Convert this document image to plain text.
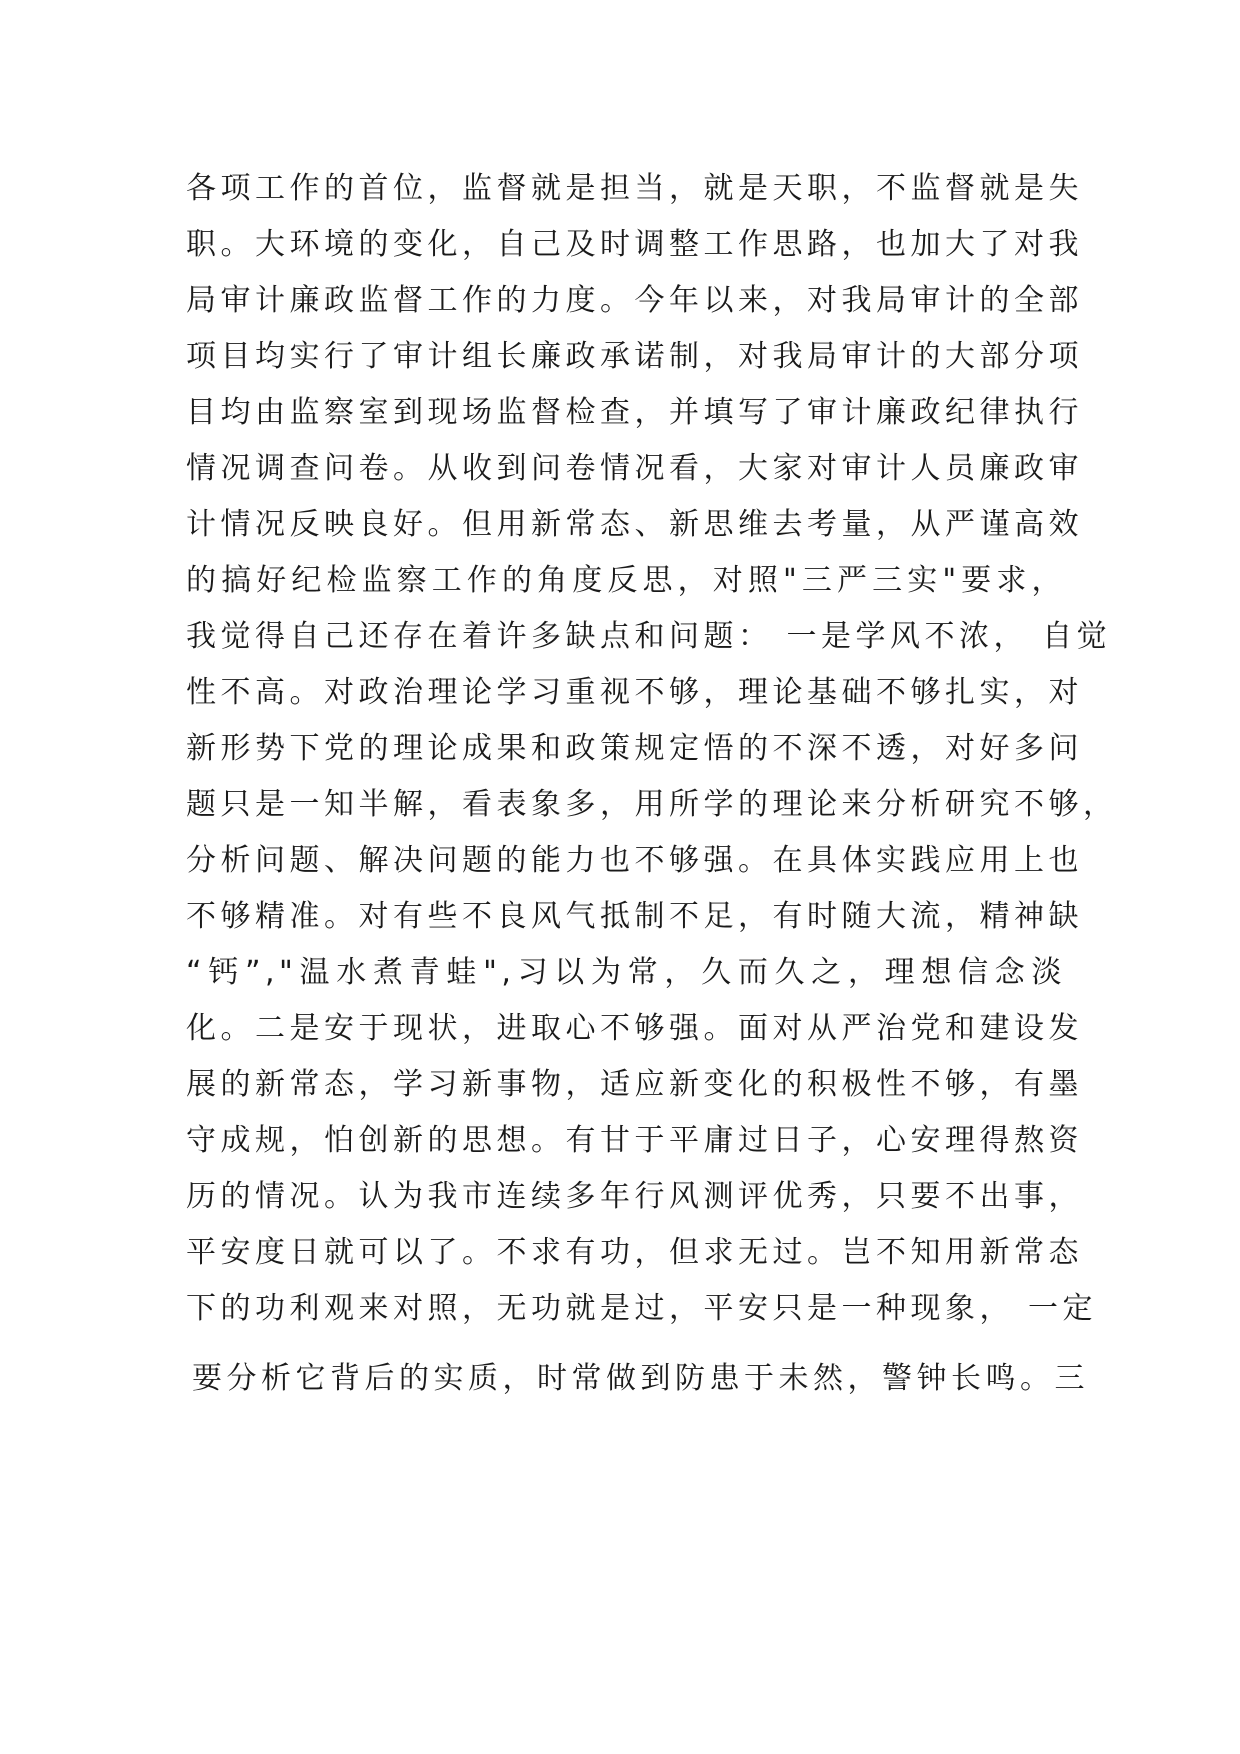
各项工作的首位，监督就是担当，就是天职，不监督就是失
职。大环境的变化，自己及时调整工作思路，也加大了对我
局审计廉政监督工作的力度。今年以来，对我局审计的全部
项目均实行了审计组长廉政承诺制，对我局审计的大部分项
目均由监察室到现场监督检查，并填写了审计廉政纪律执行
情况调查问卷。从收到问卷情况看，大家对审计人员廉政审
计情况反映良好。但用新常态、新思维去考量，从严谨高效
的搞好纪检监察工作的角度反思，对照"三严三实"要求，
我觉得自己还存在着许多缺点和问题： 一是学风不浓， 自觉
性不高。对政治理论学习重视不够，理论基础不够扎实，对
新形势下党的理论成果和政策规定悟的不深不透，对好多问
题只是一知半解，看表象多，用所学的理论来分析研究不够，
分析问题、解决问题的能力也不够强。在具体实践应用上也
不够精准。对有些不良风气抵制不足，有时随大流，精神缺
“钙”,"温水煮青蛙",习以为常，久而久之，理想信念淡
化。二是安于现状，进取心不够强。面对从严治党和建设发
展的新常态，学习新事物，适应新变化的积极性不够，有墨
守成规，怕创新的思想。有甘于平庸过日子，心安理得熬资
历的情况。认为我市连续多年行风测评优秀，只要不出事，
平安度日就可以了。不求有功，但求无过。岂不知用新常态
下的功利观来对照，无功就是过，平安只是一种现象， 一定
要分析它背后的实质，时常做到防患于未然，警钟长鸣。三
